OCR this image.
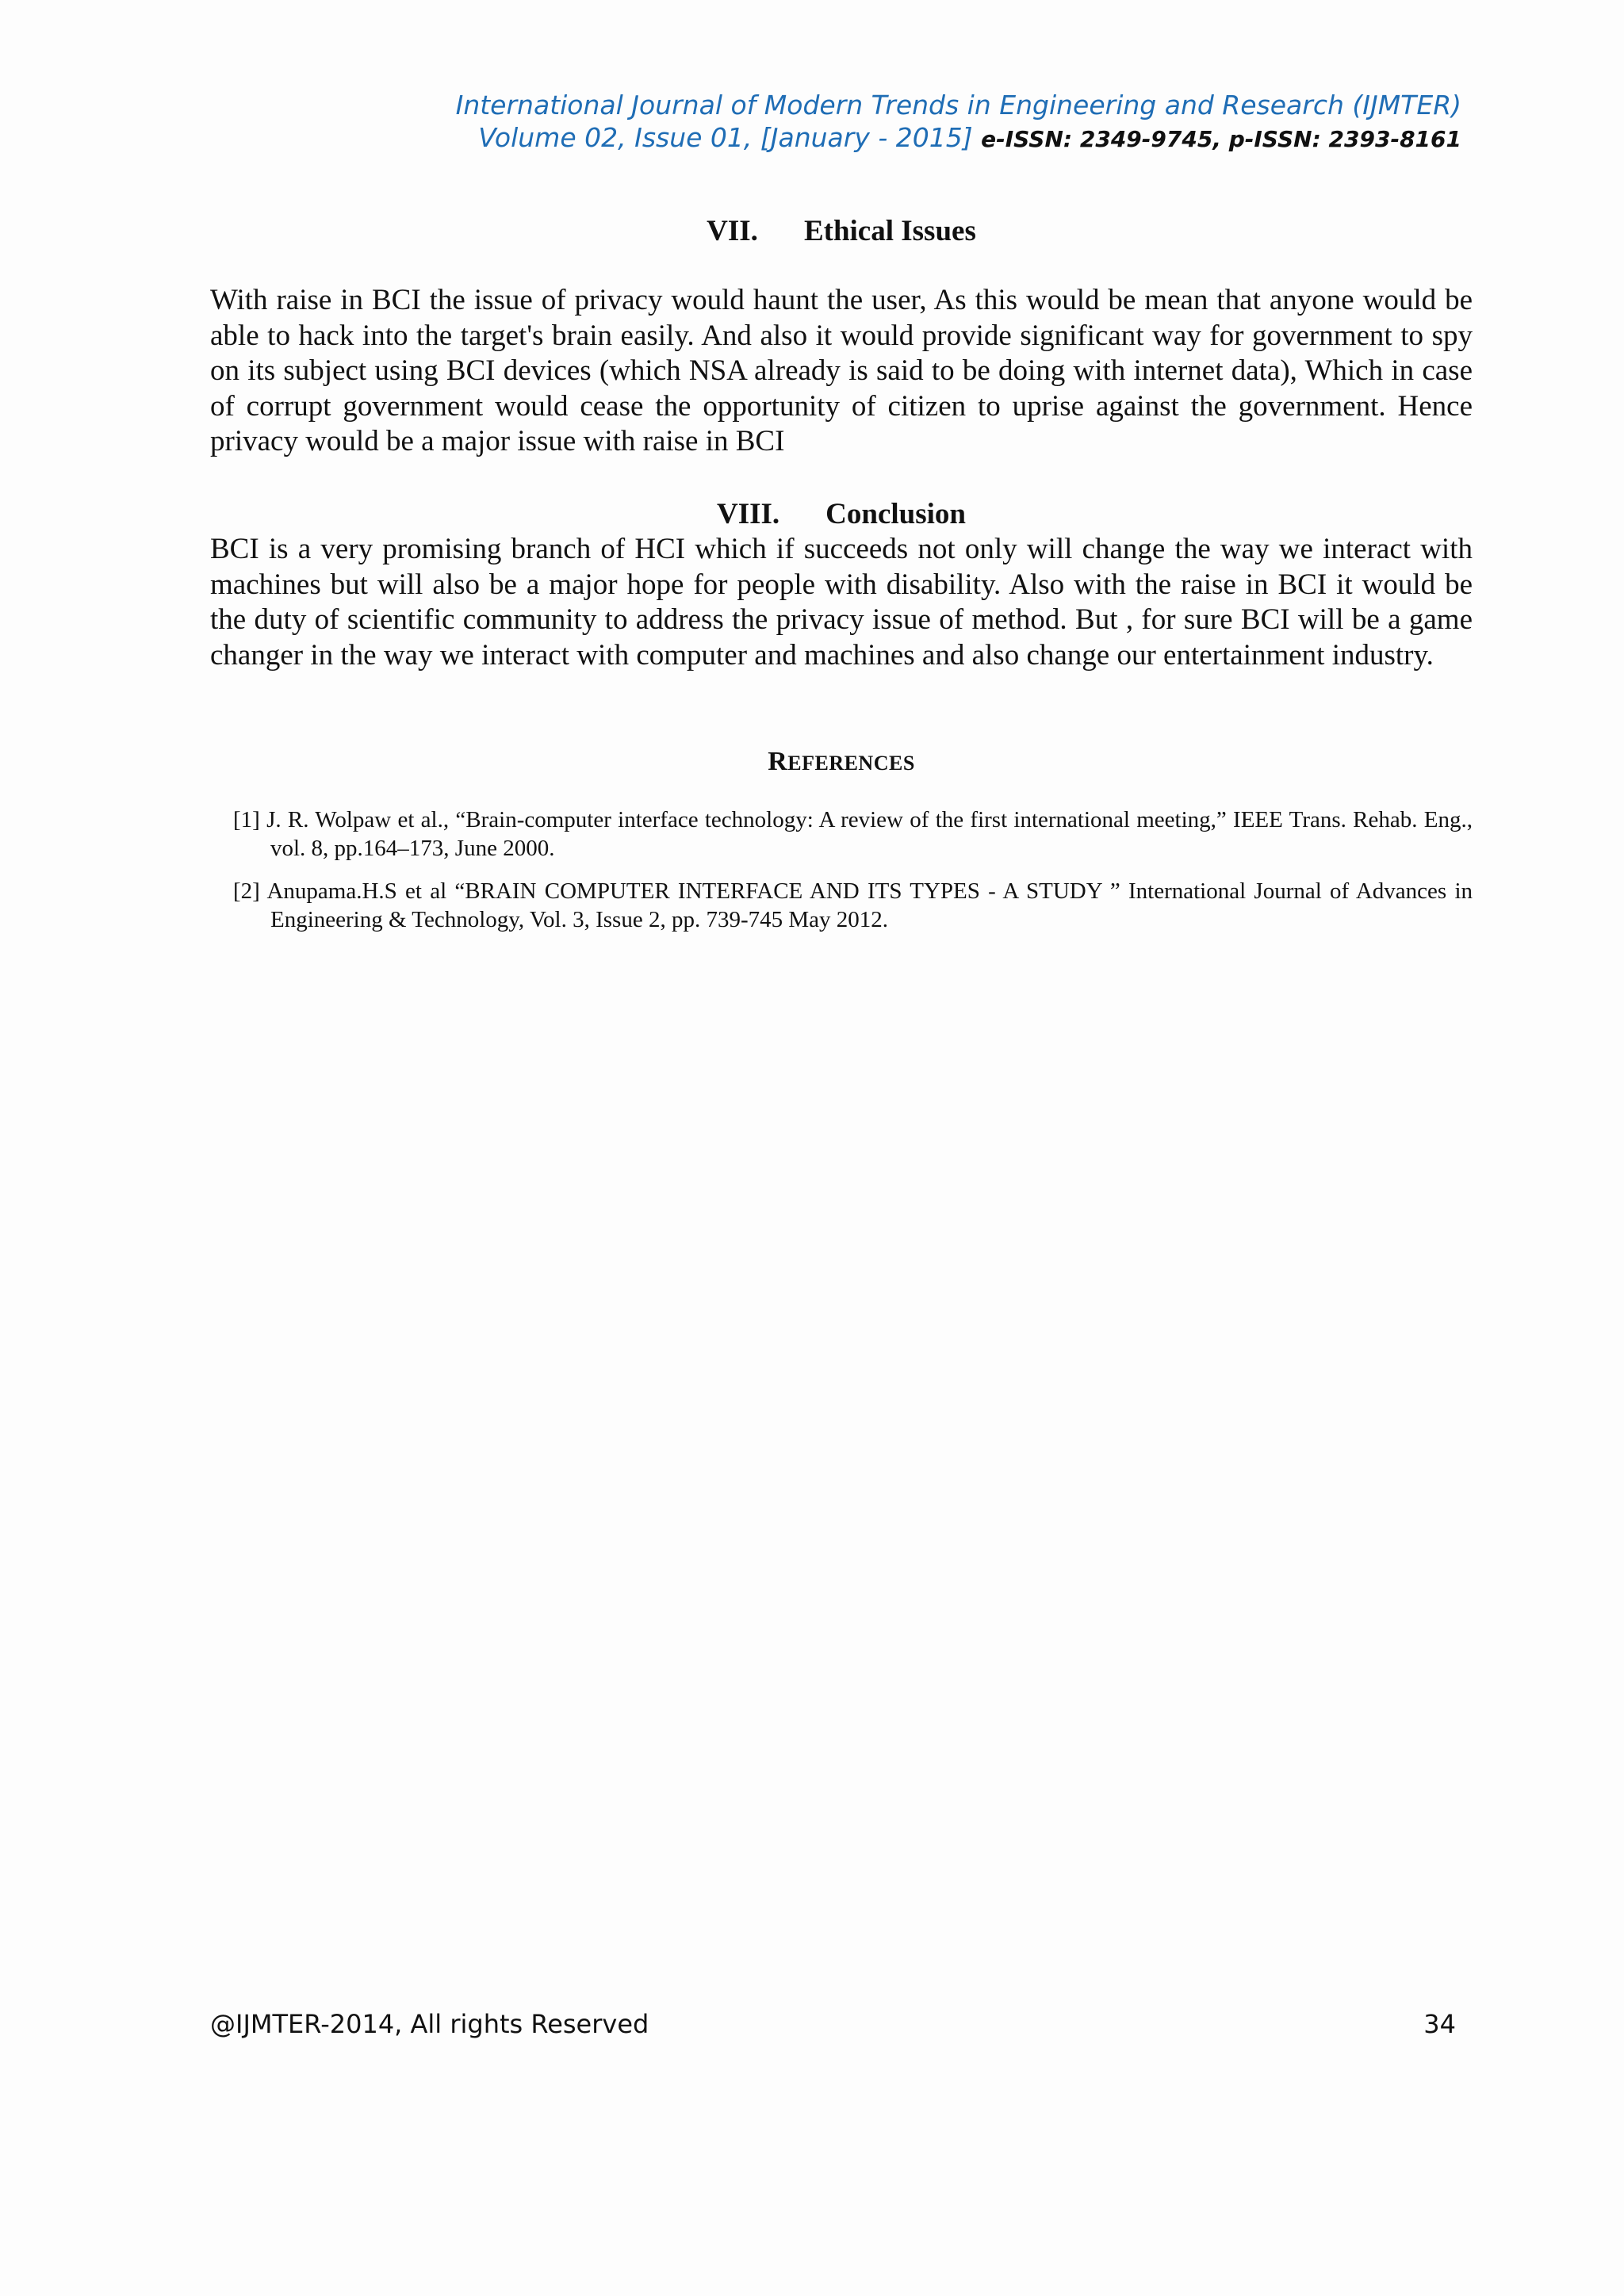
International Journal of Modern Trends in Engineering and Research (IJMTER)
Volume 02, Issue 01, [January - 2015] e-ISSN: 2349-9745, p-ISSN: 2393-8161
VII. Ethical Issues

With raise in BCI the issue of privacy would haunt the user, As this would be mean that anyone would be able to hack into the target's brain easily. And also it would provide significant way for government to spy on its subject using BCI devices (which NSA already is said to be doing with internet data), Which in case of corrupt government would cease the opportunity of citizen to uprise against the government. Hence privacy would be a major issue with raise in BCI

VIII. Conclusion

BCI is a very promising branch of HCI which if succeeds not only will change the way we interact with machines but will also be a major hope for people with disability. Also with the raise in BCI it would be the duty of scientific community to address the privacy issue of method. But , for sure BCI will be a game changer in the way we interact with computer and machines and also change our entertainment industry.

REFERENCES

[1] J. R. Wolpaw et al., “Brain-computer interface technology: A review of the first international meeting,” IEEE Trans. Rehab. Eng., vol. 8, pp.164–173, June 2000.

[2] Anupama.H.S et al “BRAIN COMPUTER INTERFACE AND ITS TYPES - A STUDY ” International Journal of Advances in Engineering & Technology, Vol. 3, Issue 2, pp. 739-745 May 2012.

@IJMTER-2014, All rights Reserved	34
